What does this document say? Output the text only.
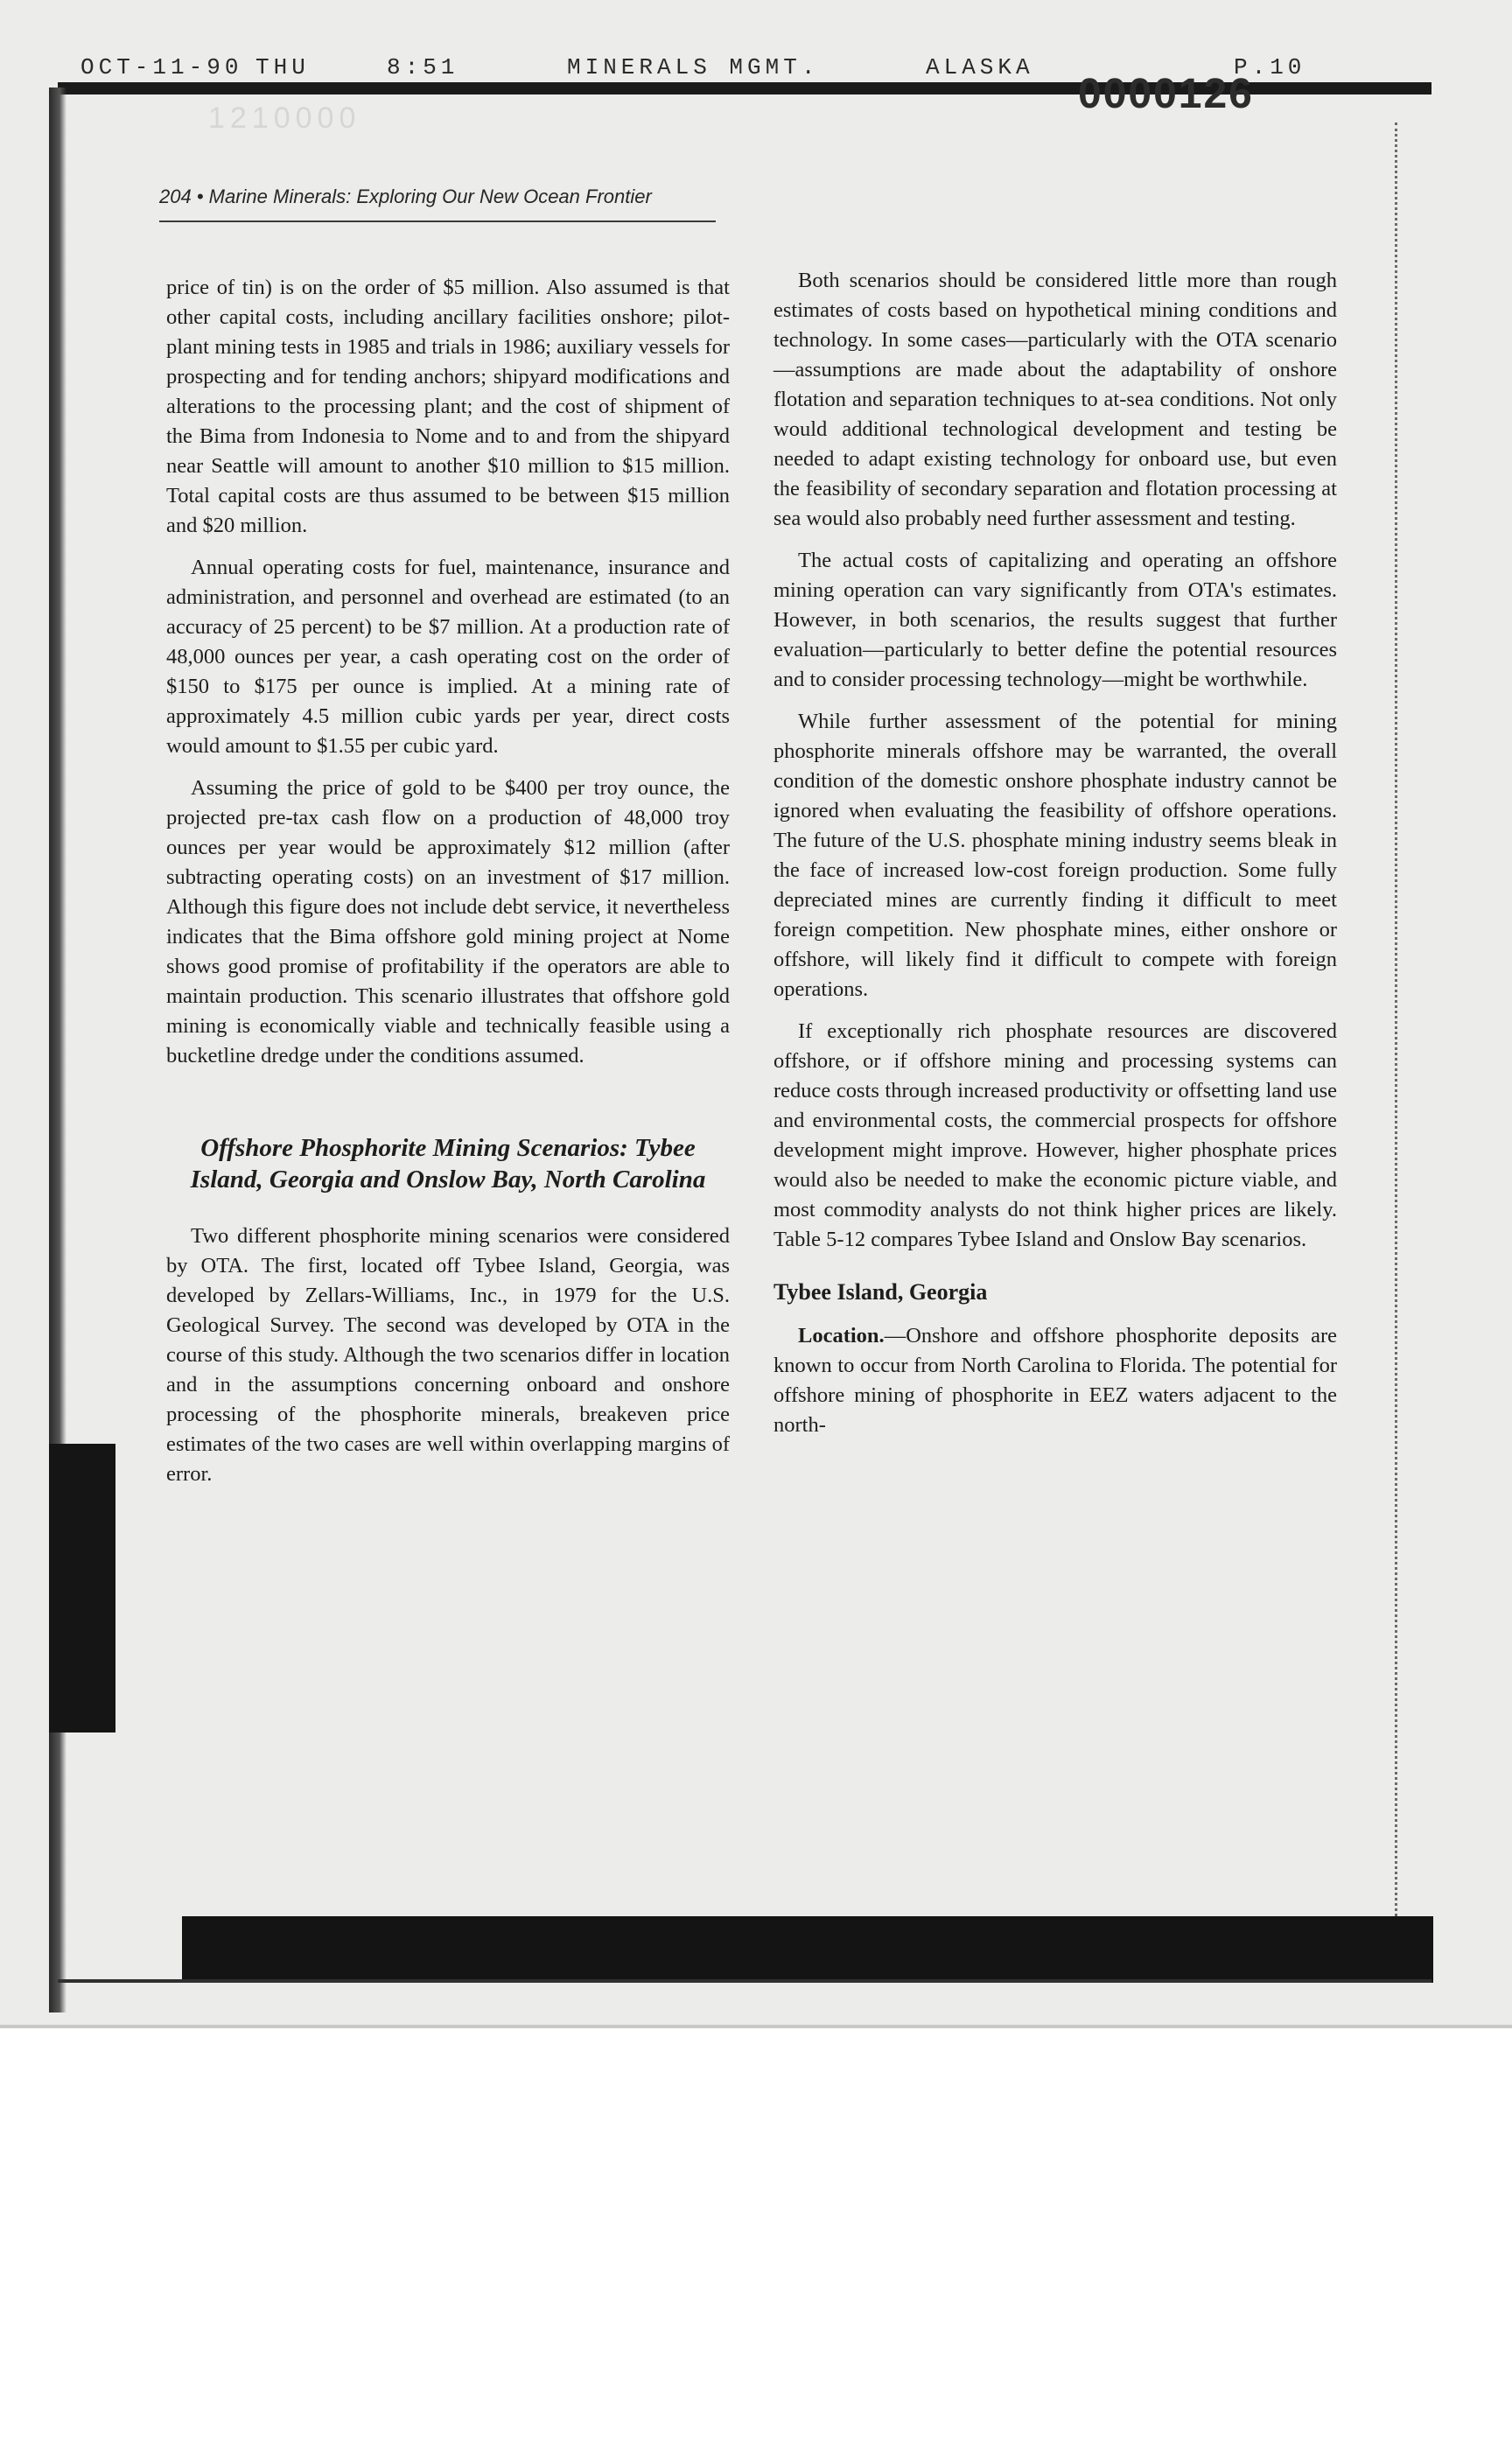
OCT-11-90 THU	8:51	MINERALS MGMT.	ALASKA	P.10
0000126
1210000
204 • Marine Minerals: Exploring Our New Ocean Frontier

price of tin) is on the order of $5 million. Also assumed is that other capital costs, including ancillary facilities onshore; pilot-plant mining tests in 1985 and trials in 1986; auxiliary vessels for prospecting and for tending anchors; shipyard modifications and alterations to the processing plant; and the cost of shipment of the Bima from Indonesia to Nome and to and from the shipyard near Seattle will amount to another $10 million to $15 million. Total capital costs are thus assumed to be between $15 million and $20 million.

Annual operating costs for fuel, maintenance, insurance and administration, and personnel and overhead are estimated (to an accuracy of 25 percent) to be $7 million. At a production rate of 48,000 ounces per year, a cash operating cost on the order of $150 to $175 per ounce is implied. At a mining rate of approximately 4.5 million cubic yards per year, direct costs would amount to $1.55 per cubic yard.

Assuming the price of gold to be $400 per troy ounce, the projected pre-tax cash flow on a production of 48,000 troy ounces per year would be approximately $12 million (after subtracting operating costs) on an investment of $17 million. Although this figure does not include debt service, it nevertheless indicates that the Bima offshore gold mining project at Nome shows good promise of profitability if the operators are able to maintain production. This scenario illustrates that offshore gold mining is economically viable and technically feasible using a bucketline dredge under the conditions assumed.

Offshore Phosphorite Mining Scenarios: Tybee Island, Georgia and Onslow Bay, North Carolina

Two different phosphorite mining scenarios were considered by OTA. The first, located off Tybee Island, Georgia, was developed by Zellars-Williams, Inc., in 1979 for the U.S. Geological Survey. The second was developed by OTA in the course of this study. Although the two scenarios differ in location and in the assumptions concerning onboard and onshore processing of the phosphorite minerals, breakeven price estimates of the two cases are well within overlapping margins of error.

Both scenarios should be considered little more than rough estimates of costs based on hypothetical mining conditions and technology. In some cases—particularly with the OTA scenario—assumptions are made about the adaptability of onshore flotation and separation techniques to at-sea conditions. Not only would additional technological development and testing be needed to adapt existing technology for onboard use, but even the feasibility of secondary separation and flotation processing at sea would also probably need further assessment and testing.

The actual costs of capitalizing and operating an offshore mining operation can vary significantly from OTA's estimates. However, in both scenarios, the results suggest that further evaluation—particularly to better define the potential resources and to consider processing technology—might be worthwhile.

While further assessment of the potential for mining phosphorite minerals offshore may be warranted, the overall condition of the domestic onshore phosphate industry cannot be ignored when evaluating the feasibility of offshore operations. The future of the U.S. phosphate mining industry seems bleak in the face of increased low-cost foreign production. Some fully depreciated mines are currently finding it difficult to meet foreign competition. New phosphate mines, either onshore or offshore, will likely find it difficult to compete with foreign operations.

If exceptionally rich phosphate resources are discovered offshore, or if offshore mining and processing systems can reduce costs through increased productivity or offsetting land use and environmental costs, the commercial prospects for offshore development might improve. However, higher phosphate prices would also be needed to make the economic picture viable, and most commodity analysts do not think higher prices are likely. Table 5-12 compares Tybee Island and Onslow Bay scenarios.

Tybee Island, Georgia

Location.—Onshore and offshore phosphorite deposits are known to occur from North Carolina to Florida. The potential for offshore mining of phosphorite in EEZ waters adjacent to the north-
